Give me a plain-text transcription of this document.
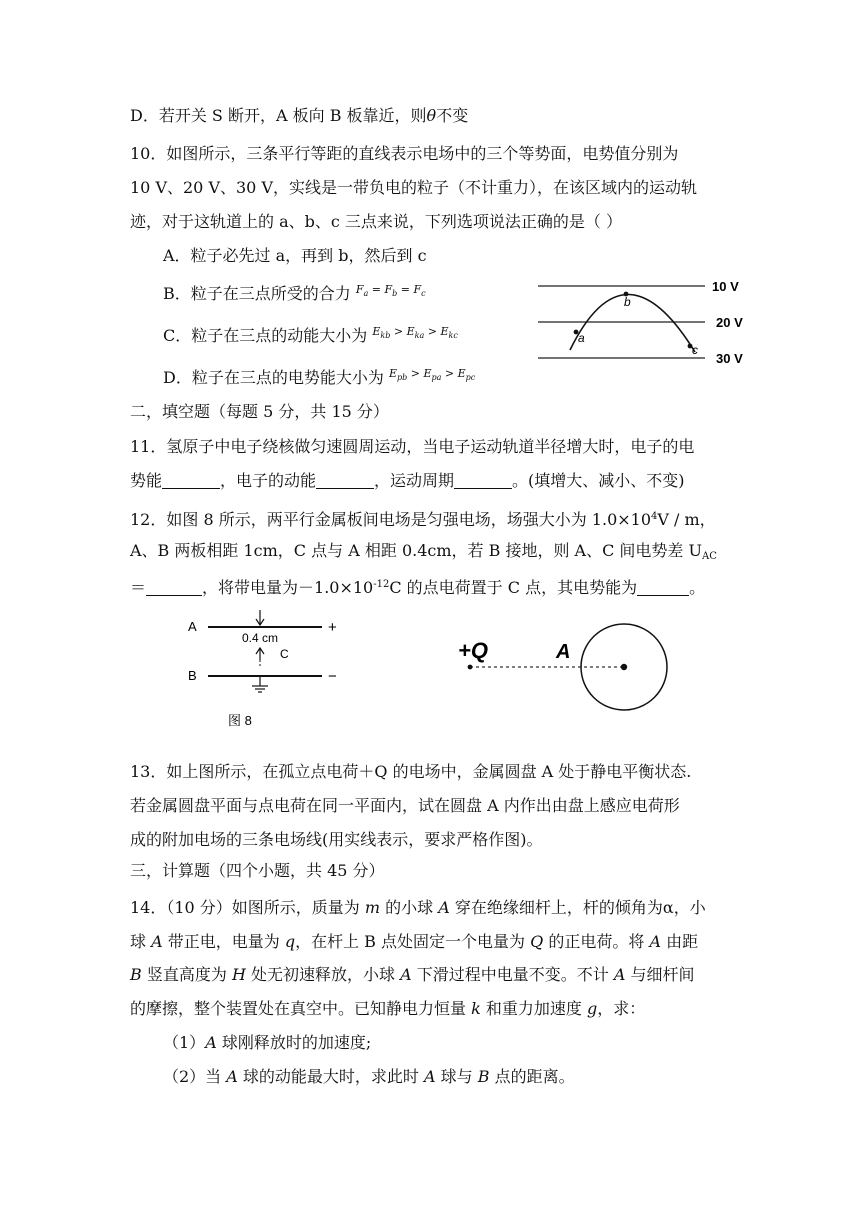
D．若开关 S 断开，A 板向 B 板靠近，则θ不变
10．如图所示，三条平行等距的直线表示电场中的三个等势面，电势值分别为
10 V、20 V、30 V，实线是一带负电的粒子（不计重力），在该区域内的运动轨
迹，对于这轨道上的 a、b、c 三点来说，下列选项说法正确的是（ ）
A．粒子必先过 a，再到 b，然后到 c
B．粒子在三点所受的合力 $^{F_a = F_b = F_c}$
C．粒子在三点的动能大小为 $^{E_{kb} > E_{ka} > E_{kc}}$
D．粒子在三点的电势能大小为 $^{E_{pb} > E_{pa} > E_{pc}}$
10 V
20 V
30 V
a
b
c
二，填空题（每题 5 分，共 15 分）
11．氢原子中电子绕核做匀速圆周运动，当电子运动轨道半径增大时，电子的电
势能	，电子的动能	，运动周期	。(填增大、减小、不变)
12．如图 8 所示，两平行金属板间电场是匀强电场，场强大小为 $1.0\times 10^4V / m$，
A、B 两板相距 1cm，C 点与 A 相距 0.4cm，若 B 接地，则 A、C 间电势差 $U_{AC}$
＝	，将带电量为$-1.0\times 10^{-12}C$ 的点电荷置于 C 点，其电势能为	。
A	+
0.4 cm
C
B	−
图 8
+Q	A
13．如上图所示，在孤立点电荷＋Q 的电场中，金属圆盘 A 处于静电平衡状态.
若金属圆盘平面与点电荷在同一平面内，试在圆盘 A 内作出由盘上感应电荷形
成的附加电场的三条电场线(用实线表示，要求严格作图)。
三，计算题（四个小题，共 45 分）
14．（10 分）如图所示，质量为 m 的小球 A 穿在绝缘细杆上，杆的倾角为α，小
球 A 带正电，电量为 q，在杆上 B 点处固定一个电量为 Q 的正电荷。将 A 由距
B 竖直高度为 H 处无初速释放，小球 A 下滑过程中电量不变。不计 A 与细杆间
的摩擦，整个装置处在真空中。已知静电力恒量 k 和重力加速度 g，求：
（1）A 球刚释放时的加速度;
（2）当 A 球的动能最大时，求此时 A 球与 B 点的距离。
